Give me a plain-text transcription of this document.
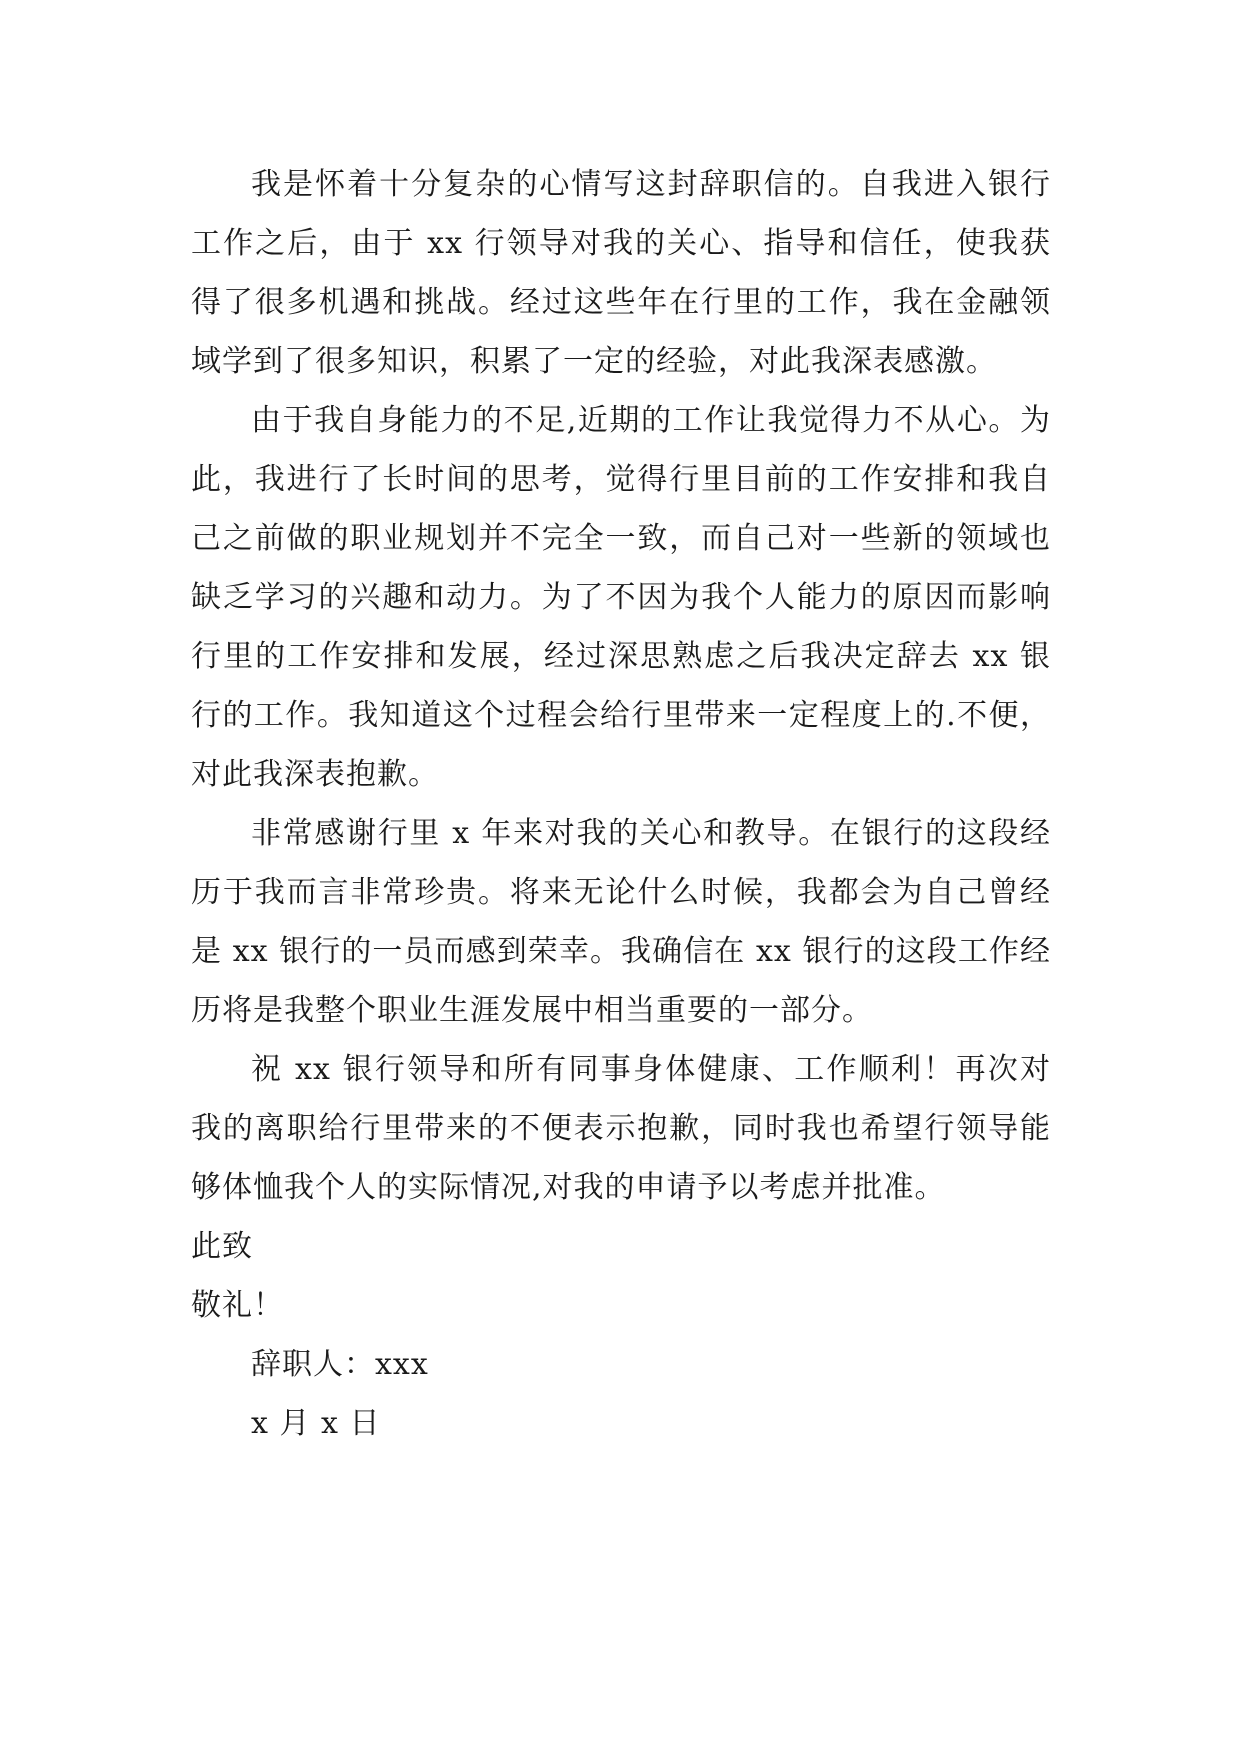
我是怀着十分复杂的心情写这封辞职信的。自我进入银行工作之后，由于 xx 行领导对我的关心、指导和信任，使我获得了很多机遇和挑战。经过这些年在行里的工作，我在金融领域学到了很多知识，积累了一定的经验，对此我深表感激。

由于我自身能力的不足,近期的工作让我觉得力不从心。为此，我进行了长时间的思考，觉得行里目前的工作安排和我自己之前做的职业规划并不完全一致，而自己对一些新的领域也缺乏学习的兴趣和动力。为了不因为我个人能力的原因而影响行里的工作安排和发展，经过深思熟虑之后我决定辞去 xx 银行的工作。我知道这个过程会给行里带来一定程度上的.不便，对此我深表抱歉。

非常感谢行里 x 年来对我的关心和教导。在银行的这段经历于我而言非常珍贵。将来无论什么时候，我都会为自己曾经是 xx 银行的一员而感到荣幸。我确信在 xx 银行的这段工作经历将是我整个职业生涯发展中相当重要的一部分。

祝 xx 银行领导和所有同事身体健康、工作顺利！再次对我的离职给行里带来的不便表示抱歉，同时我也希望行领导能够体恤我个人的实际情况,对我的申请予以考虑并批准。

此致

敬礼！

辞职人：xxx

x 月 x 日
